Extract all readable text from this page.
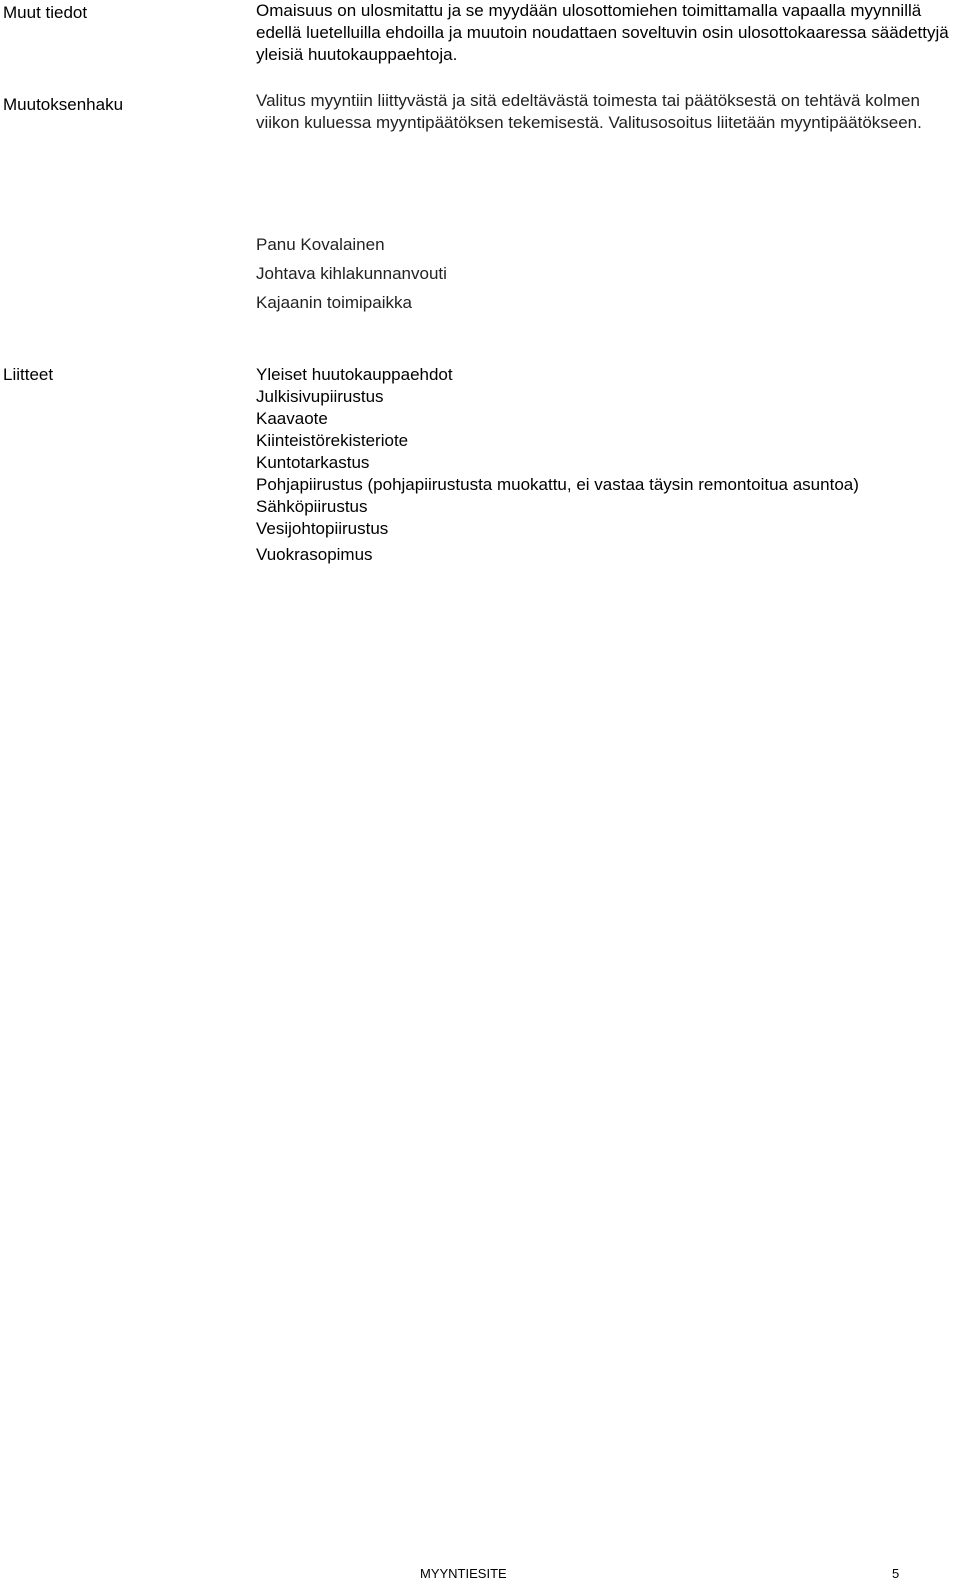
Muut tiedot	Omaisuus on ulosmitattu ja se myydään ulosottomiehen toimittamalla vapaalla myynnillä edellä luetelluilla ehdoilla ja muutoin noudattaen soveltuvin osin ulosottokaaressa säädettyjä yleisiä huutokauppaehtoja.
Muutoksenhaku	Valitus myyntiin liittyvästä ja sitä edeltävästä toimesta tai päätöksestä on tehtävä kolmen viikon kuluessa myyntipäätöksen tekemisestä. Valitusosoitus liitetään myyntipäätökseen.
Panu Kovalainen
Johtava kihlakunnanvouti
Kajaanin toimipaikka
Liitteet	Yleiset huutokauppaehdot
Julkisivupiirustus
Kaavaote
Kiinteistörekisteriote
Kuntotarkastus
Pohjapiirustus (pohjapiirustusta muokattu, ei vastaa täysin remontoitua asuntoa)
Sähköpiirustus
Vesijohtopiirustus
Vuokrasopimus
MYYNTIESITE	5
